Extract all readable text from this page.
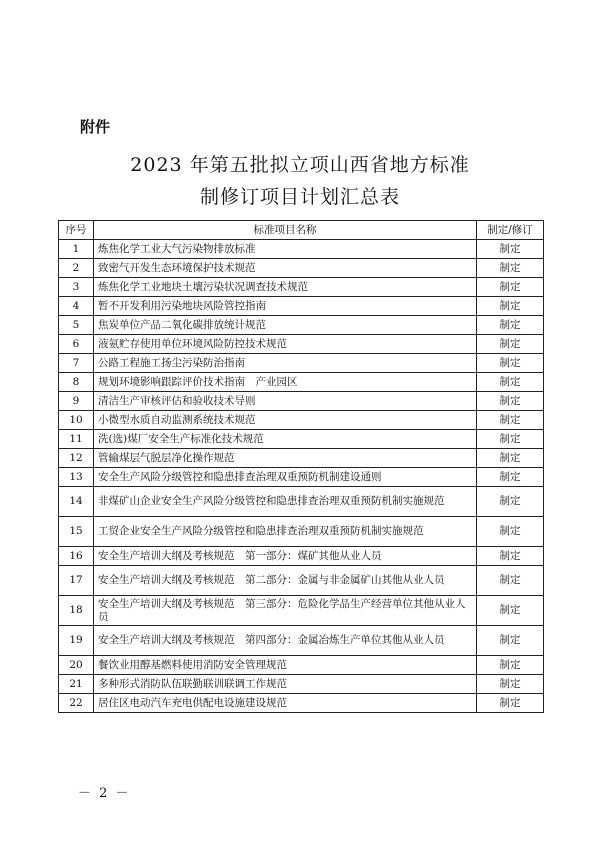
附件
2023 年第五批拟立项山西省地方标准
制修订项目计划汇总表
序号	标准项目名称	制定/修订
1	炼焦化学工业大气污染物排放标准	制定
2	致密气开发生态环境保护技术规范	制定
3	炼焦化学工业地块土壤污染状况调查技术规范	制定
4	暂不开发利用污染地块风险管控指南	制定
5	焦炭单位产品二氧化碳排放统计规范	制定
6	液氨贮存使用单位环境风险防控技术规范	制定
7	公路工程施工扬尘污染防治指南	制定
8	规划环境影响跟踪评价技术指南　产业园区	制定
9	清洁生产审核评估和验收技术导则	制定
10	小微型水质自动监测系统技术规范	制定
11	洗(选)煤厂安全生产标准化技术规范	制定
12	管输煤层气脱层净化操作规范	制定
13	安全生产风险分级管控和隐患排查治理双重预防机制建设通则	制定
14	非煤矿山企业安全生产风险分级管控和隐患排查治理双重预防机制实施规范	制定
15	工贸企业安全生产风险分级管控和隐患排查治理双重预防机制实施规范	制定
16	安全生产培训大纲及考核规范　第一部分：煤矿其他从业人员	制定
17	安全生产培训大纲及考核规范　第二部分：金属与非金属矿山其他从业人员	制定
18	安全生产培训大纲及考核规范　第三部分：危险化学品生产经营单位其他从业人员	制定
19	安全生产培训大纲及考核规范　第四部分：金属冶炼生产单位其他从业人员	制定
20	餐饮业用醇基燃料使用消防安全管理规范	制定
21	多种形式消防队伍联勤联训联调工作规范	制定
22	居住区电动汽车充电供配电设施建设规范	制定
－ 2 －
